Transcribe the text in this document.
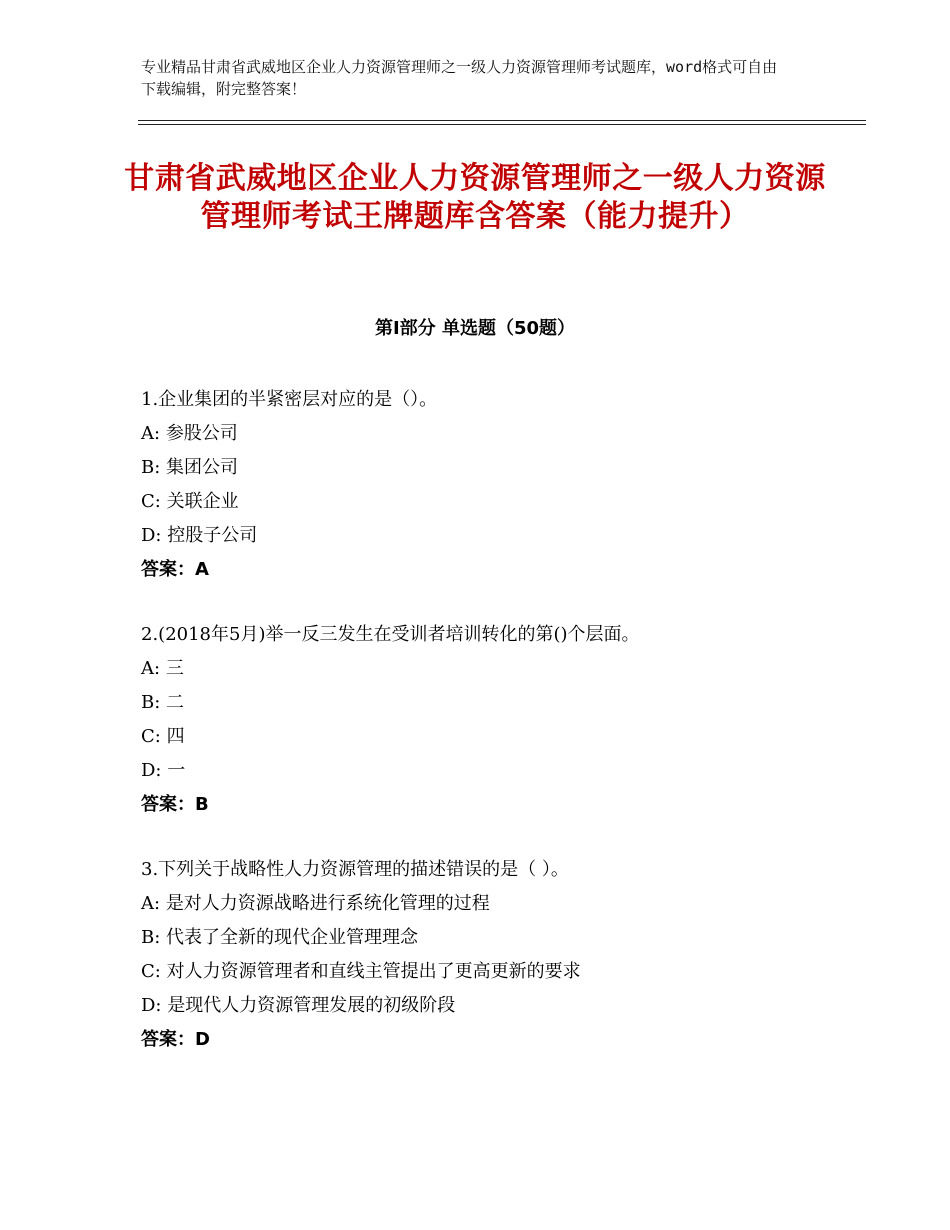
专业精品甘肃省武威地区企业人力资源管理师之一级人力资源管理师考试题库，word格式可自由下载编辑，附完整答案！
甘肃省武威地区企业人力资源管理师之一级人力资源管理师考试王牌题库含答案（能力提升）
第Ⅰ部分 单选题（50题）
1.企业集团的半紧密层对应的是（）。
A: 参股公司
B: 集团公司
C: 关联企业
D: 控股子公司
答案：A
2.(2018年5月)举一反三发生在受训者培训转化的第()个层面。
A: 三
B: 二
C: 四
D: 一
答案：B
3.下列关于战略性人力资源管理的描述错误的是（ ）。
A: 是对人力资源战略进行系统化管理的过程
B: 代表了全新的现代企业管理理念
C: 对人力资源管理者和直线主管提出了更高更新的要求
D: 是现代人力资源管理发展的初级阶段
答案：D
